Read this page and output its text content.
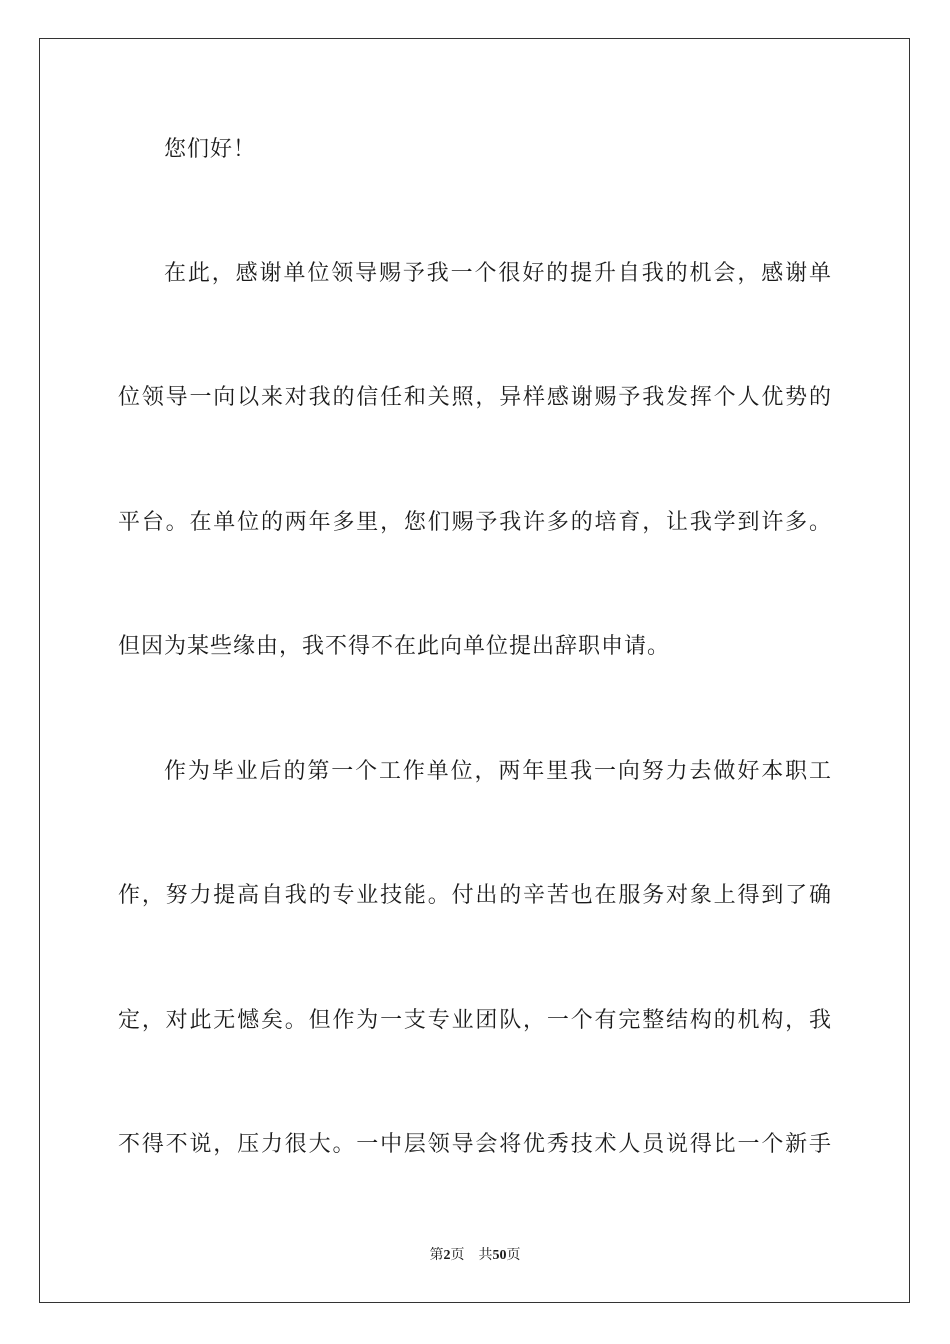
您们好！
在此，感谢单位领导赐予我一个很好的提升自我的机会，感谢单
位领导一向以来对我的信任和关照，异样感谢赐予我发挥个人优势的
平台。在单位的两年多里，您们赐予我许多的培育，让我学到许多。
但因为某些缘由，我不得不在此向单位提出辞职申请。
作为毕业后的第一个工作单位，两年里我一向努力去做好本职工
作，努力提高自我的专业技能。付出的辛苦也在服务对象上得到了确
定，对此无憾矣。但作为一支专业团队，一个有完整结构的机构，我
不得不说，压力很大。一中层领导会将优秀技术人员说得比一个新手
第2页 共50页
